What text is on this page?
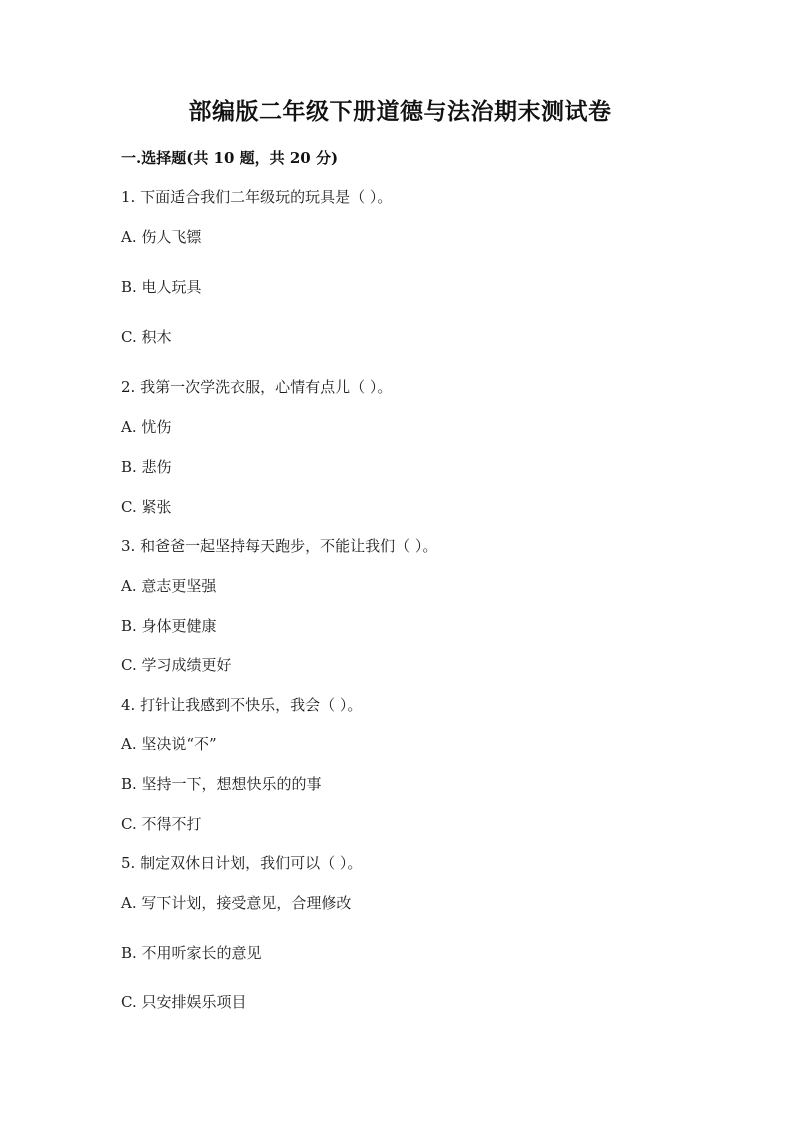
部编版二年级下册道德与法治期末测试卷
一.选择题(共 10 题，共 20 分)
1. 下面适合我们二年级玩的玩具是（ ）。
A. 伤人飞镖
B. 电人玩具
C. 积木
2. 我第一次学洗衣服，心情有点儿（ ）。
A. 忧伤
B. 悲伤
C. 紧张
3. 和爸爸一起坚持每天跑步，不能让我们（ ）。
A. 意志更坚强
B. 身体更健康
C. 学习成绩更好
4. 打针让我感到不快乐，我会（ ）。
A. 坚决说“不”
B. 坚持一下，想想快乐的的事
C. 不得不打
5. 制定双休日计划，我们可以（ ）。
A. 写下计划，接受意见，合理修改
B. 不用听家长的意见
C. 只安排娱乐项目
